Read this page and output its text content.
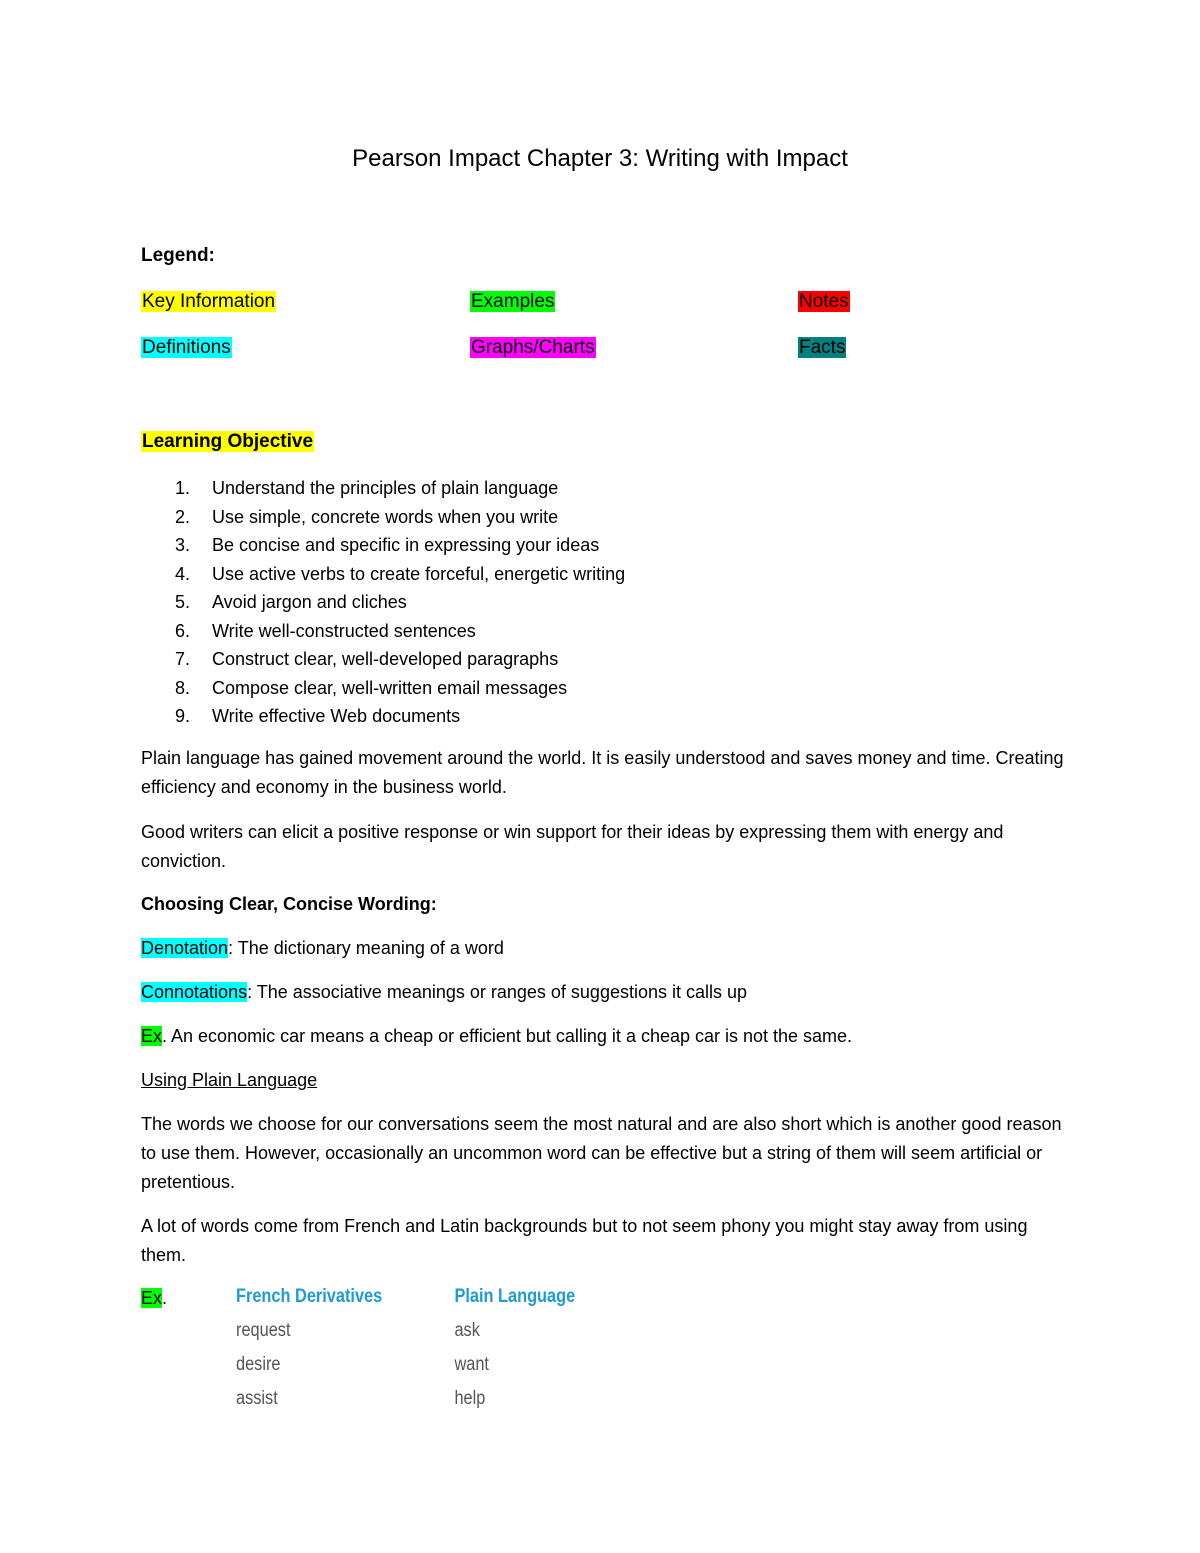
Pearson Impact Chapter 3: Writing with Impact
Legend:
Key Information	Examples	Notes
Definitions	Graphs/Charts	Facts
Learning Objective
1. Understand the principles of plain language
2. Use simple, concrete words when you write
3. Be concise and specific in expressing your ideas
4. Use active verbs to create forceful, energetic writing
5. Avoid jargon and cliches
6. Write well-constructed sentences
7. Construct clear, well-developed paragraphs
8. Compose clear, well-written email messages
9. Write effective Web documents
Plain language has gained movement around the world. It is easily understood and saves money and time. Creating efficiency and economy in the business world.
Good writers can elicit a positive response or win support for their ideas by expressing them with energy and conviction.
Choosing Clear, Concise Wording:
Denotation: The dictionary meaning of a word
Connotations: The associative meanings or ranges of suggestions it calls up
Ex. An economic car means a cheap or efficient but calling it a cheap car is not the same.
Using Plain Language
The words we choose for our conversations seem the most natural and are also short which is another good reason to use them. However, occasionally an uncommon word can be effective but a string of them will seem artificial or pretentious.
A lot of words come from French and Latin backgrounds but to not seem phony you might stay away from using them.
Ex.	French Derivatives	Plain Language
request	ask
desire	want
assist	help
